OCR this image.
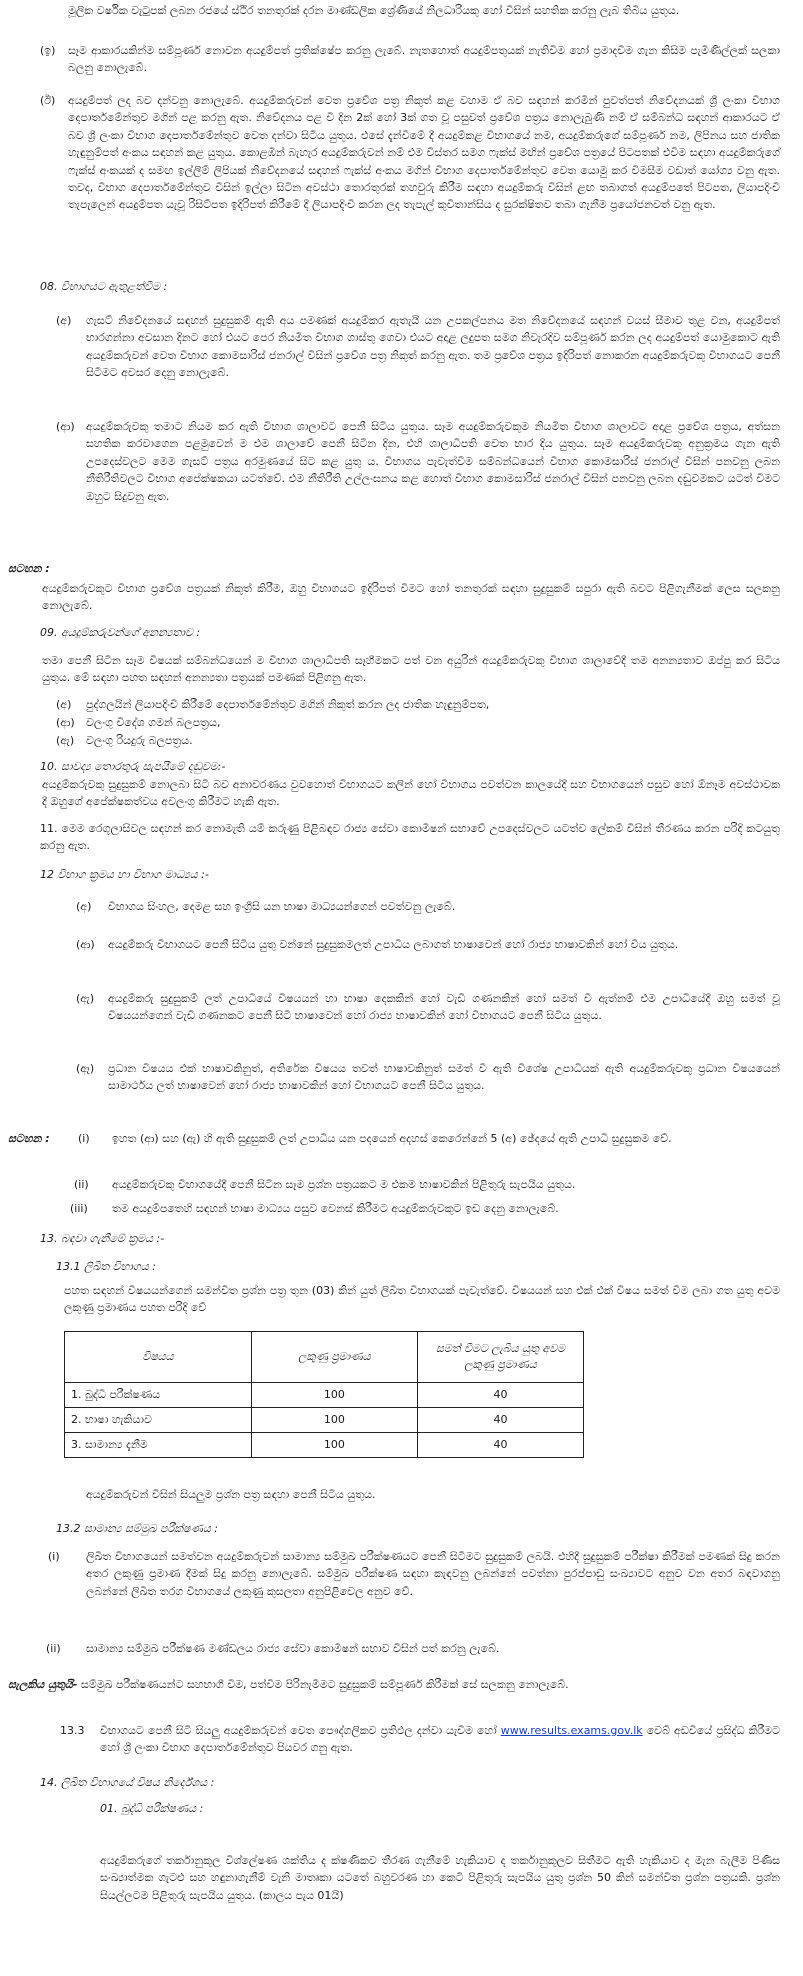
මූලික වර්ෂික වැටුපක් ලබන රජයේ ස්ථිර තනතුරක් දරන මාණ්ඩලික ශ්‍රේණියේ නිලධාරියකු හෝ විසින් සහතික කරනු ලැබ තිබිය යුතුය.

(ඉ) සෑම ආකාරයකින්ම සම්පූර්ණ නොවන අයදුම්පත් ප්‍රතික්ෂේප කරනු ලැබේ. නැතහොත් අයදුම්පතුයක් නැතිවීම හෝ ප්‍රමාදවීම ගැන කිසිම පැමිණිල්ලක් සලකා බලනු නොලැබේ.

(ඊ) අයදුම්පත් ලද බව දන්වනු නොලැබේ. අයදුම්කරුවන් වෙත ප්‍රවේශ පත්‍ර නිකුත් කළ වහාම ඒ බව සඳහන් කරමින් පුවත්පත් නිවේදනයක් ශ්‍රී ලංකා විභාග දෙපාර්තමේන්තුව මගින් පළ කරනු ඇත. නිවේදනය පළ වී දින 2ක් හෝ 3ක් ගත වූ පසුවත් ප්‍රවේශ පත්‍රය නොලැබුණි නම් ඒ සම්බන්ධ සඳහන් ආකාරයට ඒ බව ශ්‍රී ලංකා විභාග දෙපාර්තමේන්තුව වෙත දන්වා සිටිය යුතුය. එසේ දැන්වීමේ දී අයදුම්කළ විභාගයේ නම, අයදුම්කරුගේ සම්පූර්ණ නම, ලිපිනය සහ ජාතික හැඳුනුම්පත් අංකය සඳහන් කළ යුතුය. කොළඹින් බැහැර අයදුම්කරුවන් නම් එම විස්තර සමග ෆැක්ස් මඟින් ප්‍රවේශ පත්‍රයේ පිටපතක් එවීම සඳහා අයදුම්කරුගේ ෆැක්ස් අංකයක් ද සමඟ ඉල්ලීම් ලිපියක් නිවේදනයේ සඳහන් ෆැක්ස් අංකය මගින් විභාග දෙපාර්තමේන්තුව වෙත යොමු කර විමසීම වඩාත් යෝග්‍ය වනු ඇත. තවද, විභාග දෙපාර්තමේන්තුව විසින් ඉල්ලා සිටින අවස්ථා තොරතුරක් තහවුරු කිරීම සඳහා අයදුම්කරු විසින් ළඟ තබාගත් අයදුම්පතේ පිටපත, ලියාපදිංචි තැපැලෙන් අයදුම්පත යැවූ රිසිට්පත ඉදිරිපත් කිරීමේ දී ලියාපදිංචි කරන ලද තැපැල් කුවිතාන්සිය ද සුරක්ෂිතව තබා ගැනීම ප්‍රයෝජනවත් වනු ඇත.

08. විභාගයට ඇතුළත්වීම :

(අ) ගැසට් නිවේදනයේ සඳහන් සුදුසුකම් ඇති අය පමණක් අයදුම්කර ඇතැයි යන උපකල්පනය මත නිවේදනයේ සඳහන් වයස් සීමාව තුළ වන, අයදුම්පත් භාරගන්නා අවසාන දිනට හෝ එයට පෙර නියමිත විභාග ගාස්තු ගෙවා එයට අදාළ ලදුපත සමග නිවැරදිව සම්පූර්ණ කරන ලද අයදුම්පත් යොමුකොට ඇති අයදුම්කරුවන් වෙත විභාග කොමසාරිස් ජනරාල් විසින් ප්‍රවේශ පත්‍ර නිකුත් කරනු ඇත. තම ප්‍රවේශ පත්‍රය ඉදිරිපත් නොකරන අයදුම්කරුවකු විභාගයට පෙනී සිටීමට අවසර දෙනු නොලැබේ.

(ආ) අයදුම්කරුවකු තමාට නියම කර ඇති විභාග ශාලාවට පෙනී සිටිය යුතුය. සෑම අයදුම්කරුවකුම නියමිත විභාග ශාලාවට අදාළ ප්‍රවේශ පත්‍රය, අත්සන සහතික කරවාගෙන පළමුවෙන් ම එම ශාලාවේ පෙනී සිටින දින, එහි ශාලාධිපති වෙත භාර දිය යුතුය. සෑම අයදුම්කරුවකු අනුක්‍රමය ගැන ඇති උපදෙස්වලට මෙම ගැසට් පත්‍රය අරමුණයේ සිට කළ යුතු ය. විභාගය පැවැත්වීම සම්බන්ධයෙන් විභාග කොමසාරිස් ජනරාල් විසින් පනවනු ලබන නීතිරීතිවලට විභාග අපේක්ෂකයා යටත්වේ. එම නීතිරීති උල්ලංඝනය කළ හොත් විභාග කොමසාරිස් ජනරාල් විසින් පනවනු ලබන දඬුවමකට යටත් වීමට ඔහුට සිදුවනු ඇත.

සටහන :

අයදුම්කරුවකුට විභාග ප්‍රවේශ පත්‍රයක් නිකුත් කිරීම, ඔහු විභාගයට ඉදිරිපත් වීමට හෝ තනතුරක් සඳහා සුදුසුකම් සපුරා ඇති බවට පිළිගැනීමක් ලෙස සලකනු නොලැබේ.

09. අයදුම්කරුවන්ගේ අනන්‍යතාව :

තමා පෙනී සිටින සෑම විෂයක් සම්බන්ධයෙන් ම විභාග ශාලාධිපති සෑහීමකට පත් වන අයුරින් අයදුම්කරුවකු විභාග ශාලාවේදී තම අනන්‍යතාව ඔප්පු කර සිටිය යුතුය. මේ සඳහා පහත සඳහන් අනන්‍යතා පත්‍රයක් පමණක් පිළිගනු ඇත.

(අ) පුද්ගලයින් ලියාපදිංචි කිරීමේ දෙපාර්තමේන්තුව මගින් නිකුත් කරන ලද ජාතික හැඳුනුම්පත,

(ආ) වලංගු විදේශ ගමන් බලපත්‍රය,

(ඇ) වලංගු රියදුරු බලපත්‍රය.

10. සාවද්‍ය තොරතුරු සැපයීමේ දඬුවම:-

අයදුම්කරුවකු සුදුසුකම් නොලබා සිටි බව අනාවරණය වුවහොත් විභාගයට කලින් හෝ විභාගය පවත්වන කාලයේදී සහ විභාගයෙන් පසුව හෝ ඕනෑම අවස්ථාවක දී ඔහුගේ අපේක්ෂකත්වය අවලංගු කිරීමට හැකි ඇත.

11. මෙම රෙගුලාසිවල සඳහන් කර නොමැති යම් කරුණු පිළිබඳව රාජ්‍ය සේවා කොමිෂන් සභාවේ උපදෙස්වලට යටත්ව ලේකම් විසින් තීරණය කරන පරිදි කටයුතු කරනු ඇත.

12 විභාග ක්‍රමය හා විභාග මාධ්‍යය :-

(අ) විභාගය සිංහල, දෙමළ සහ ඉංග්‍රීසි යන භාෂා මාධ්‍යයන්ගෙන් පවත්වනු ලැබේ.

(ආ) අයදුම්කරු විභාගයට පෙනී සිටිය යුතු වන්නේ සුදුසුකමලත් උපාධිය ලබාගත් භාෂාවෙන් හෝ රාජ්‍ය භාෂාවකින් හෝ විය යුතුය.

(ඇ) අයදුම්කරු සුදුසුකම් ලත් උපාධියේ විෂයයන් හා භාෂා දෙකකින් හෝ වැඩි ගණනකින් හෝ සමත් වී ඇත්නම් එම උපාධියේදී ඔහු සමත් වූ විෂයයන්ගෙන් වැඩි ගණනකට පෙනී සිටි භාෂාවෙන් හෝ රාජ්‍ය භාෂාවකින් හෝ විභාගයට පෙනී සිටිය යුතුය.

(ඈ) ප්‍රධාන විෂයය එක් භාෂාවකිනුත්, අතිරේක විෂයය තවත් භාෂාවකිනුත් සමත් වී ඇති විශේෂ උපාධියක් ඇති අයදුම්කරුවකු ප්‍රධාන විෂයයෙන් සාමාර්ථය ලත් භාෂාවෙන් හෝ රාජ්‍ය භාෂාවකින් හෝ විභාගයට පෙනී සිටිය යුතුය.

සටහන :	(i) ඉහත (ආ) සහ (ඇ) හි ඇති සුදුසුකම් ලත් උපාධිය යන පදයෙන් අදහස් කෙරෙන්නේ 5 (අ) ඡේදයේ ඇති උපාධි සුදුසුකම වේ.

(ii) අයදුම්කරුවකු විභාගයේදී පෙනී සිටින සෑම ප්‍රශ්න පත්‍රයකට ම එකම භාෂාවකින් පිළිතුරු සැපයිය යුතුය.

(iii) තම අයදුම්පතෙහි සඳහන් භාෂා මාධ්‍යය පසුව වෙනස් කිරීමට අයදුම්කරුවකුට ඉඩ දෙනු නොලැබේ.

13. බඳවා ගැනීමේ ක්‍රමය :-

13.1 ලිඛිත විභාගය :

පහත සඳහන් විෂයයන්ගෙන් සමන්විත ප්‍රශ්න පත්‍ර තුන (03) කින් යුත් ලිඛිත විභාගයක් පැවැත්වේ. විෂයයන් සහ එක් එක් විෂය සමත් වීම ලබා ගත යුතු අවම ලකුණු ප්‍රමාණය පහත පරිදි වේ

විෂයය	ලකුණු ප්‍රමාණය	සමත් වීමට ලැබිය යුතු අවම ලකුණු ප්‍රමාණය
1. බුද්ධි පරීක්ෂණය	100	40
2. භාෂා හැකියාව	100	40
3. සාමාන්‍ය දැනීම	100	40

අයදුම්කරුවන් විසින් සියලුම ප්‍රශ්න පත්‍ර සඳහා පෙනී සිටිය යුතුය.

13.2 සාමාන්‍ය සම්මුඛ පරීක්ෂණය :

(i) ලිඛිත විභාගයෙන් සමත්වන අයදුම්කරුවන් සාමාන්‍ය සම්මුඛ පරීක්ෂණයට පෙනී සිටීමට සුදුසුකම් ලබයි. එහිදී සුදුසුකම් පරීක්ෂා කිරීමක් පමණක් සිදු කරන අතර ලකුණු ප්‍රමාණ දීමක් සිදු කරනු නොලැබේ. සම්මුඛ පරීක්ෂණ සඳහා කැඳවනු ලබන්නේ පවත්නා පුරප්පාඩු සංඛ්‍යාවට අනුව වන අතර බඳවාගනු ලබන්නේ ලිඛිත තරග විභාගයේ ලකුණු කුසලතා අනුපිළිවෙල අනුව වේ.

(ii) සාමාන්‍ය සම්මුඛ පරීක්ෂණ මණ්ඩලය රාජ්‍ය සේවා කොමිෂන් සභාව විසින් පත් කරනු ලැබේ.

සැලකිය යුතුයි- සම්මුඛ පරීක්ෂණයන්ට සහභාගී වීම, පත්වීම පිරිනැමීමට සුදුසුකම් සම්පූර්ණ කිරීමක් සේ සලකනු නොලැබේ.

13.3 විභාගයට පෙනී සිටි සියලු අයදුම්කරුවන් වෙත පෞද්ගලිකව ප්‍රතිඵල දන්වා යැවීම හෝ www.results.exams.gov.lk වෙබ් අඩවියේ ප්‍රසිද්ධ කිරීමට හෝ ශ්‍රී ලංකා විභාග දෙපාර්තමේන්තුව පියවර ගනු ඇත.

14. ලිඛිත විභාගයේ විෂය නිර්දේශය :

01. බුද්ධි පරීක්ෂණය :

අයදුම්කරුගේ තර්කානුකූල විශ්ලේෂණ ශක්තිය ද ක්ෂණිකව තීරණ ගැනීමේ හැකියාව ද තර්කානුකූලව සිතීමට ඇති හැකියාව ද මැන බැලීම පිණිස සංඛ්‍යාත්මක ගැටළු සහ හඳුනාගැනීම් වැනි මාතෘකා යටතේ බහුවරණ හා කෙටි පිළිතුරු සැපයිය යුතු ප්‍රශ්න 50 කින් සමන්විත ප්‍රශ්න පත්‍රයකි. ප්‍රශ්න සියල්ලටම පිළිතුරු සැපයිය යුතුය. (කාලය පැය 01යි)
